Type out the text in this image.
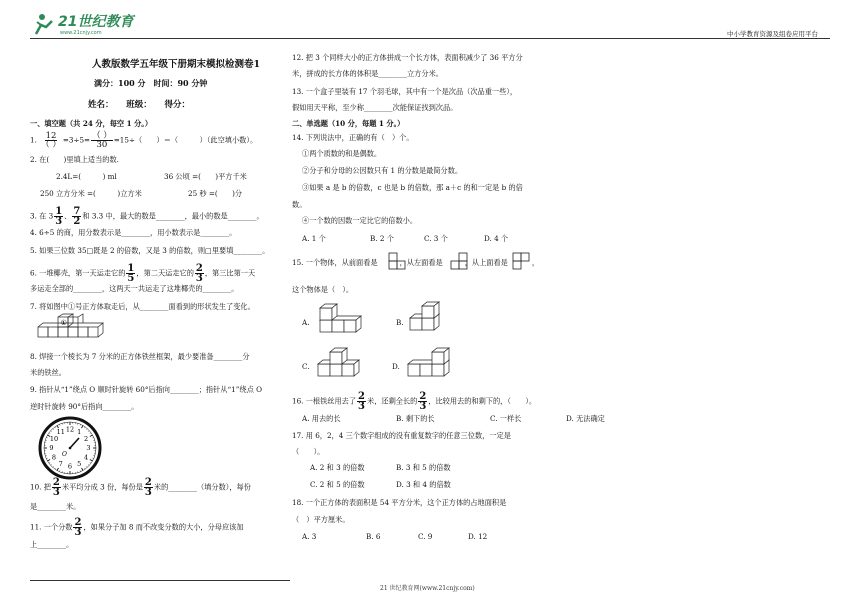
21世纪教育
www.21cnjy.com	中小学教育资源及组卷应用平台
人教版数学五年级下册期末模拟检测卷1
满分：100 分　时间：90 分钟
姓名：　　班级：　　得分：
一、填空题（共 24 分，每空 1 分。）
1. $\frac{12}{( )} =3\div 5= \frac{( )}{30} =15\div$（　　）＝（　　　）（此空填小数）。
2. 在(　　)里填上适当的数.
2.4L=(　　　) ml	36 公顷 =(　　)平方千米
250 立方分米 =(　　　)立方米	25 秒 =(　　)分
3. 在 $3 \frac{1}{3}$ 、 $\frac{7}{2}$ 和 3.3 中，最大的数是________，最小的数是________。
4. 6÷5 的商，用分数表示是________，用小数表示是________。
5. 如果三位数 35□既是 2 的倍数，又是 3 的倍数，则□里要填________。
6. 一堆椰壳，第一天运走它的 $\frac{1}{5}$ ，第二天运走它的 $\frac{2}{3}$ ，第三比第一天
多运走全部的________，这两天一共运走了这堆椰壳的________。
7. 将如图中①号正方体取走后，从________面看到的形状发生了变化。
①
8. 焊接一个棱长为 7 分米的正方体铁丝框架，最少要准备________分
米的铁丝。
9. 指针从“1”绕点 O 顺时针旋转 60°后指向________；指针从“1”绕点 O
逆时针旋转 90°后指向________。
12 1
2
3
4
5
6
7
8
9
10
11
O
10. 把 $\frac{2}{3}$ 米平均分成 3 份，每份是 $\frac{2}{3}$ 米的________（填分数），每份
是________米。
11. 一个分数 $\frac{2}{3}$ ，如果分子加 8 而不改变分数的大小，分母应该加
上________。
12. 把 3 个同样大小的正方体拼成一个长方体，表面积减少了 36 平方分
米，拼成的长方体的体积是________立方分米。
13. 一个盒子里装有 17 个羽毛球，其中有一个是次品（次品重一些），
假如用天平称，至少称________次能保证找到次品。
二、单选题（10 分，每题 1 分。）
14. 下列说法中，正确的有（　）个。
①两个质数的和是偶数。
②分子和分母的公因数只有 1 的分数是最简分数。
③如果 a 是 b 的倍数，c 也是 b 的倍数，那 a＋c 的和一定是 b 的倍
数。
④一个数的因数一定比它的倍数小。
A. 1 个	B. 2 个	C. 3 个	D. 4 个
15. 一个物体，从前面看是	，从左面看是	，从上面看是	，
这个物体是（　）。
A.	B.
C.	D.
16. 一根铁丝用去了 $\frac{2}{3}$ 米，还剩全长的 $\frac{2}{3}$ ，比较用去的和剩下的，（　　）。
A. 用去的长	B. 剩下的长	C. 一样长	D. 无法确定
17. 用 6，2，4 三个数字组成的没有重复数字的任意三位数，一定是
（　　）。
A. 2 和 3 的倍数	B. 3 和 5 的倍数
C. 2 和 5 的倍数	D. 3 和 4 的倍数
18. 一个正方体的表面积是 54 平方分米，这个正方体的占地面积是
（　）平方厘米。
A. 3	B. 6	C. 9	D. 12
21 世纪教育网(www.21cnjy.com)
